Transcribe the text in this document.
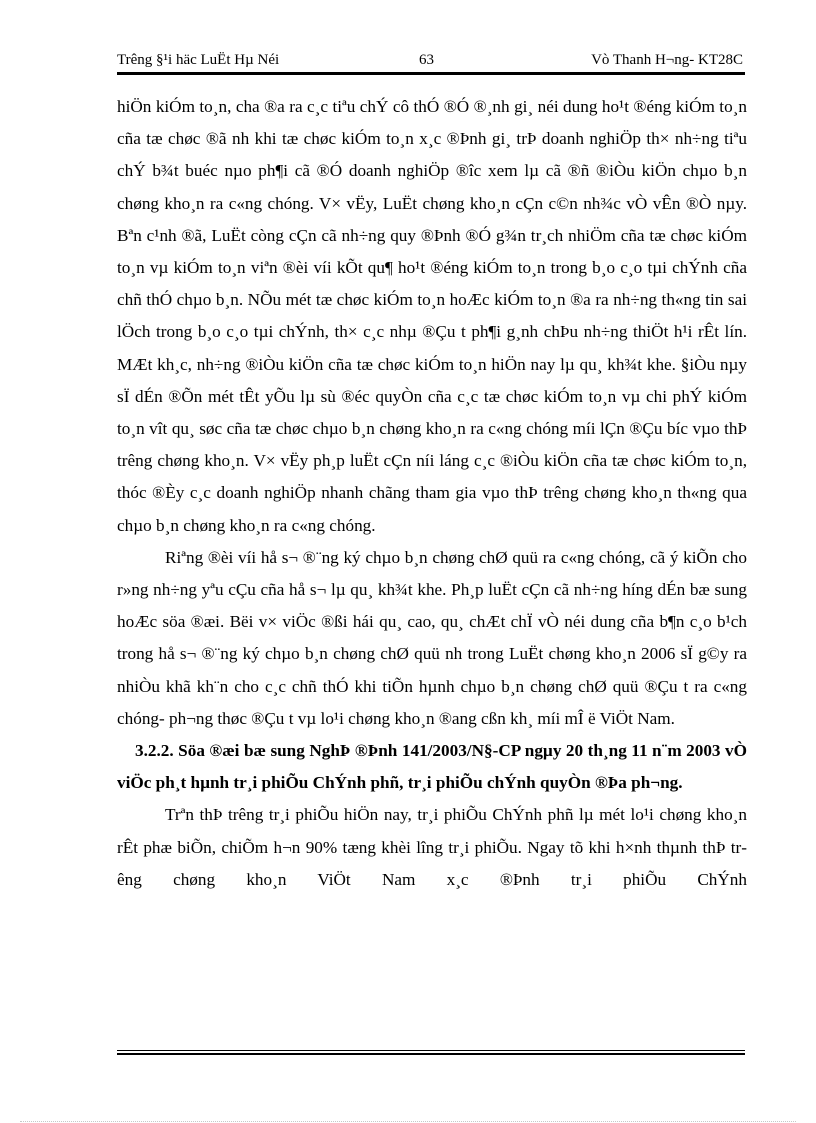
Trêng §¹i häc LuËt Hµ Néi	63	Vò Thanh H¬ng- KT28C

hiÖn kiÓm to¸n, cha ®a ra c¸c tiªu chÝ cô thÓ ®Ó ®¸nh gi¸ néi dung ho¹t ®éng kiÓm to¸n cña tæ chøc ®ã nh khi tæ chøc kiÓm to¸n x¸c ®Þnh gi¸ trÞ doanh nghiÖp th× nh÷ng tiªu chÝ b¾t buéc nµo ph¶i cã ®Ó doanh nghiÖp ®îc xem lµ cã ®ñ ®iÒu kiÖn chµo b¸n chøng kho¸n ra c«ng chóng. V× vËy, LuËt chøng kho¸n cÇn c©n nh¾c vÒ vÊn ®Ò nµy. Bªn c¹nh ®ã, LuËt còng cÇn cã nh÷ng quy ®Þnh ®Ó g¾n tr¸ch nhiÖm cña tæ chøc kiÓm to¸n vµ kiÓm to¸n viªn ®èi víi kÕt qu¶ ho¹t ®éng kiÓm to¸n trong b¸o c¸o tµi chÝnh cña chñ thÓ chµo b¸n. NÕu mét tæ chøc kiÓm to¸n hoÆc kiÓm to¸n ®a ra nh÷ng th«ng tin sai lÖch trong b¸o c¸o tµi chÝnh, th× c¸c nhµ ®Çu t ph¶i g¸nh chÞu nh÷ng thiÖt h¹i rÊt lín. MÆt kh¸c, nh÷ng ®iÒu kiÖn cña tæ chøc kiÓm to¸n hiÖn nay lµ qu¸ kh¾t khe. §iÒu nµy sÏ dÉn ®Õn mét tÊt yÕu lµ sù ®éc quyÒn cña c¸c tæ chøc kiÓm to¸n vµ chi phÝ kiÓm to¸n vît qu¸ søc cña tæ chøc chµo b¸n chøng kho¸n ra c«ng chóng míi lÇn ®Çu bíc vµo thÞ trêng chøng kho¸n. V× vËy ph¸p luËt cÇn níi láng c¸c ®iÒu kiÖn cña tæ chøc kiÓm to¸n, thóc ®Èy c¸c doanh nghiÖp nhanh chãng tham gia vµo thÞ trêng chøng kho¸n th«ng qua chµo b¸n chøng kho¸n ra c«ng chóng.

Riªng ®èi víi hå s¬ ®¨ng ký chµo b¸n chøng chØ quü ra c«ng chóng, cã ý kiÕn cho r»ng nh÷ng yªu cÇu cña hå s¬ lµ qu¸ kh¾t khe. Ph¸p luËt cÇn cã nh÷ng híng dÉn bæ sung hoÆc söa ®æi. Bëi v× viÖc ®ßi hái qu¸ cao, qu¸ chÆt chÏ vÒ néi dung cña b¶n c¸o b¹ch trong hå s¬ ®¨ng ký chµo b¸n chøng chØ quü nh trong LuËt chøng kho¸n 2006 sÏ g©y ra nhiÒu khã kh¨n cho c¸c chñ thÓ khi tiÕn hµnh chµo b¸n chøng chØ quü ®Çu t ra c«ng chóng- ph¬ng thøc ®Çu t vµ lo¹i chøng kho¸n ®ang cßn kh¸ míi mÎ ë ViÖt Nam.

3.2.2. Söa ®æi bæ sung NghÞ ®Þnh 141/2003/N§-CP ngµy 20 th¸ng 11 n¨m 2003 vÒ viÖc ph¸t hµnh tr¸i phiÕu ChÝnh phñ, tr¸i phiÕu chÝnh quyÒn ®Þa ph¬ng.

Trªn thÞ trêng tr¸i phiÕu hiÖn nay, tr¸i phiÕu ChÝnh phñ lµ mét lo¹i chøng kho¸n rÊt phæ biÕn, chiÕm h¬n 90% tæng khèi lîng tr¸i phiÕu. Ngay tõ khi h×nh thµnh thÞ trêng chøng kho¸n ViÖt Nam x¸c ®Þnh tr¸i phiÕu ChÝnh
